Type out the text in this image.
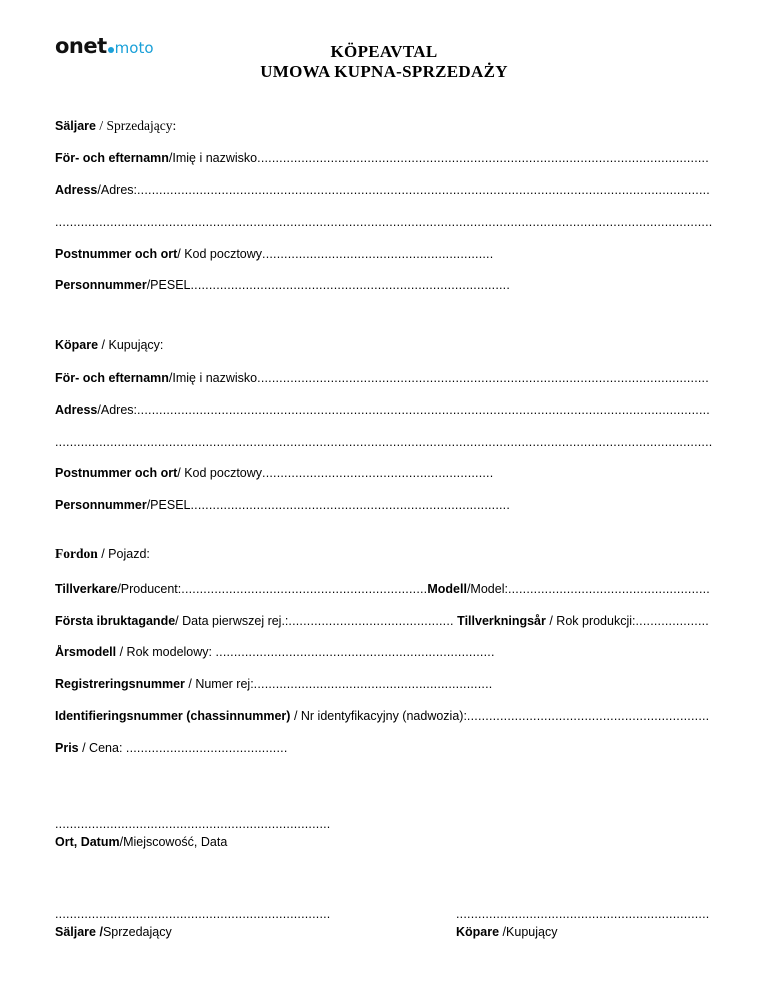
onet moto	KÖPEAVTAL
UMOWA KUPNA-SPRZEDAŻY
Säljare / Sprzedający:
För- och efternamn/Imię i nazwisko...........................................................................................................................
Adress/Adres:............................................................................................................................................................
...................................................................................................................................................................................
Postnummer och ort/ Kod pocztowy...............................................................
Personnummer/PESEL.......................................................................................
Köpare / Kupujący:
För- och efternamn/Imię i nazwisko...........................................................................................................................
Adress/Adres:............................................................................................................................................................
...................................................................................................................................................................................
Postnummer och ort/ Kod pocztowy...............................................................
Personnummer/PESEL.......................................................................................
Fordon / Pojazd:
Tillverkare/Producent:...................................................................Modell/Model:.......................................................
Första ibruktagande/ Data pierwszej rej.:............................................. Tillverkningsår / Rok produkcji:....................
Årsmodell / Rok modelowy: ............................................................................
Registreringsnummer / Numer rej:.................................................................
Identifieringsnummer (chassinnummer) / Nr identyfikacyjny (nadwozia):..................................................................
Pris / Cena: ............................................
...........................................................................
Ort, Datum/Miejscowość, Data
...........................................................................
Säljare /Sprzedający
.....................................................................
Köpare /Kupujący
